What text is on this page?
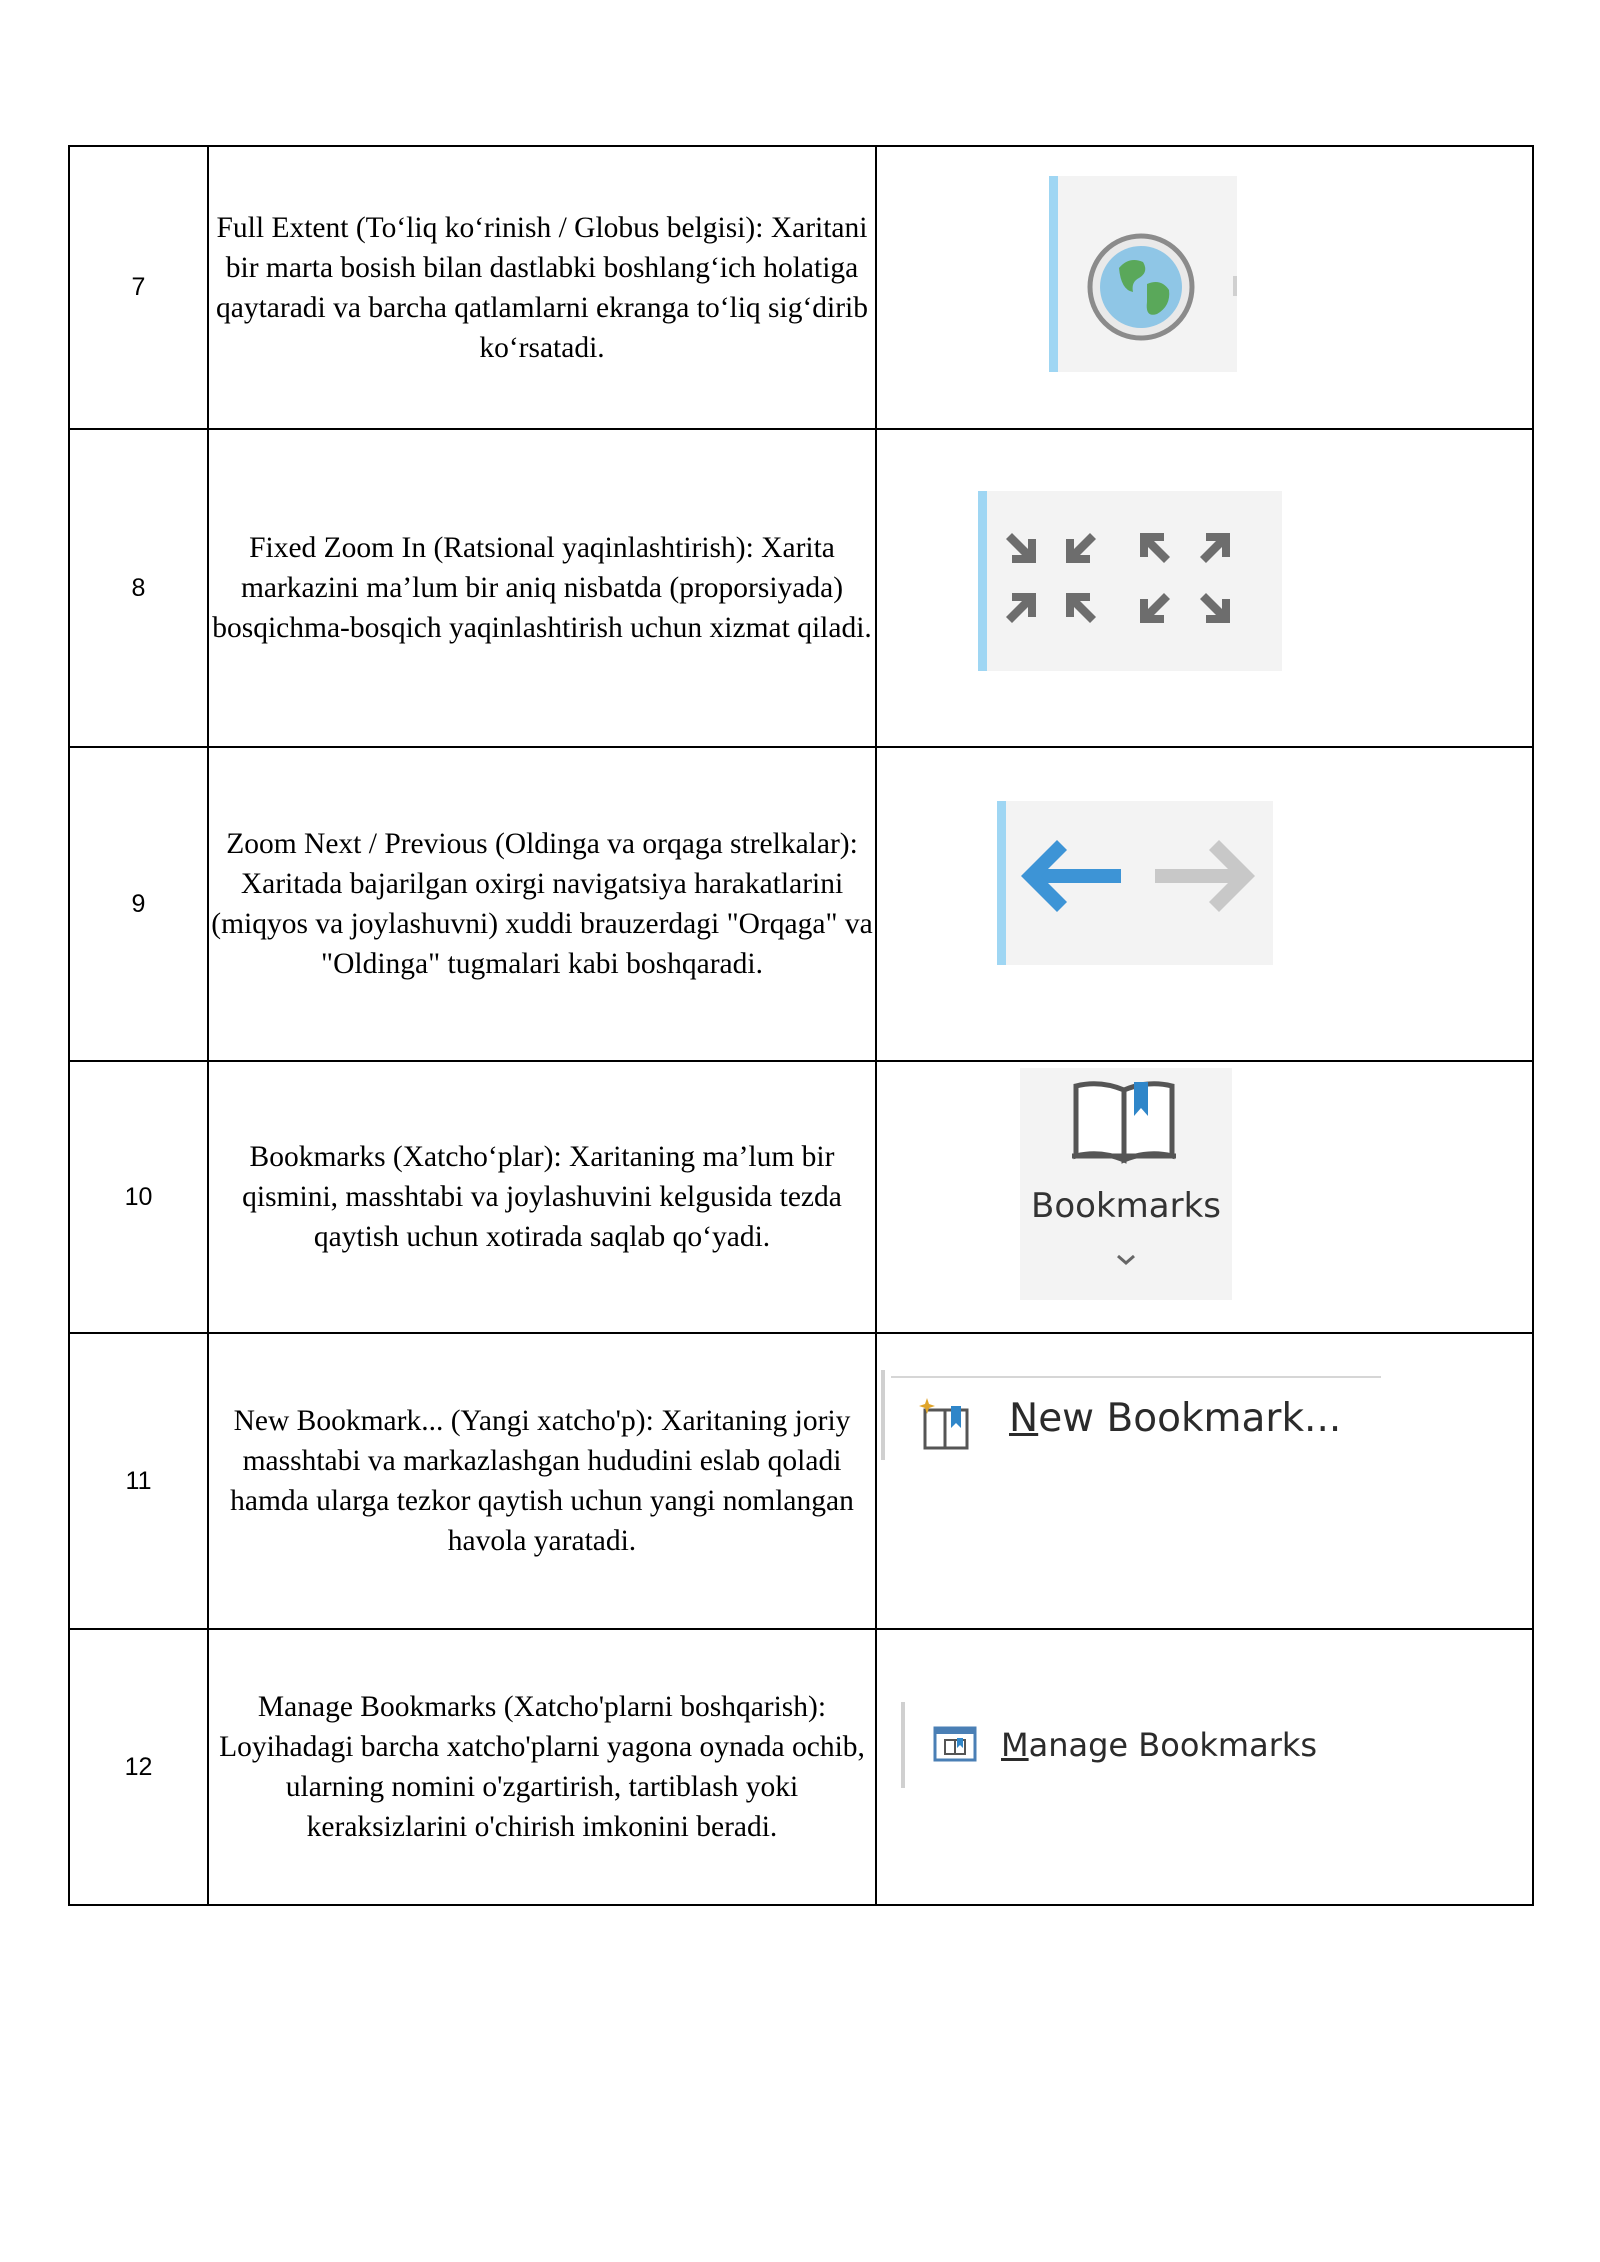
7	Full Extent (To‘liq ko‘rinish / Globus belgisi): Xaritani bir marta bosish bilan dastlabki boshlang‘ich holatiga qaytaradi va barcha qatlamlarni ekranga to‘liq sig‘dirib ko‘rsatadi.	

8	Fixed Zoom In (Ratsional yaqinlashtirish): Xarita markazini ma’lum bir aniq nisbatda (proporsiyada) bosqichma-bosqich yaqinlashtirish uchun xizmat qiladi.	

9	Zoom Next / Previous (Oldinga va orqaga strelkalar): Xaritada bajarilgan oxirgi navigatsiya harakatlarini (miqyos va joylashuvni) xuddi brauzerdagi "Orqaga" va "Oldinga" tugmalari kabi boshqaradi.	

10	Bookmarks (Xatcho‘plar): Xaritaning ma’lum bir qismini, masshtabi va joylashuvini kelgusida tezda qaytish uchun xotirada saqlab qo‘yadi.	Bookmarks

11	New Bookmark... (Yangi xatcho'p): Xaritaning joriy masshtabi va markazlashgan hududini eslab qoladi hamda ularga tezkor qaytish uchun yangi nomlangan havola yaratadi.	New Bookmark...

12	Manage Bookmarks (Xatcho'plarni boshqarish): Loyihadagi barcha xatcho'plarni yagona oynada ochib, ularning nomini o'zgartirish, tartiblash yoki keraksizlarini o'chirish imkonini beradi.	Manage Bookmarks
